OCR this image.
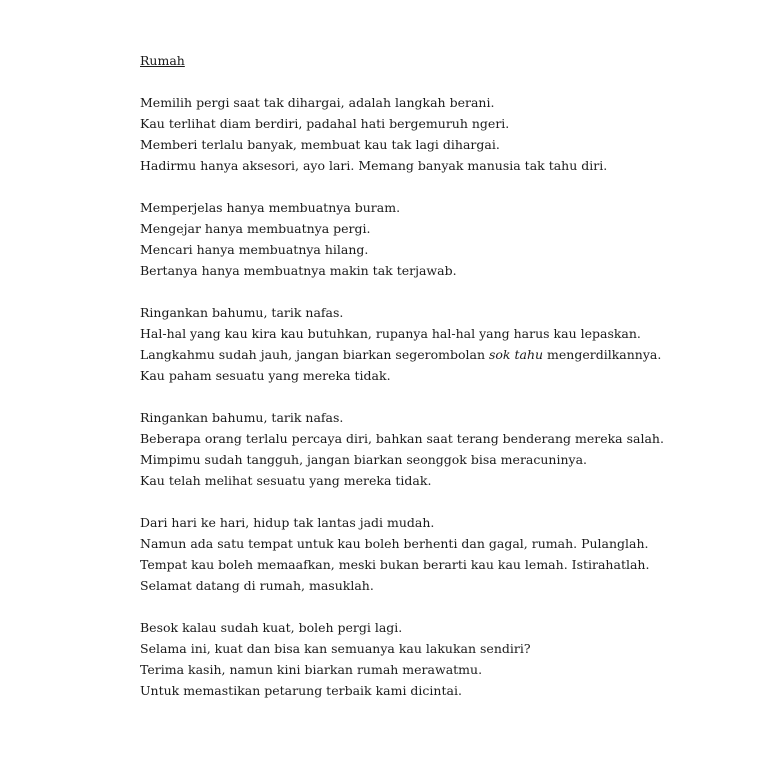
Rumah
Memilih pergi saat tak dihargai, adalah langkah berani.
Kau terlihat diam berdiri, padahal hati bergemuruh ngeri.
Memberi terlalu banyak, membuat kau tak lagi dihargai.
Hadirmu hanya aksesori, ayo lari. Memang banyak manusia tak tahu diri.
Memperjelas hanya membuatnya buram.
Mengejar hanya membuatnya pergi.
Mencari hanya membuatnya hilang.
Bertanya hanya membuatnya makin tak terjawab.
Ringankan bahumu, tarik nafas.
Hal-hal yang kau kira kau butuhkan, rupanya hal-hal yang harus kau lepaskan.
Langkahmu sudah jauh, jangan biarkan segerombolan sok tahu mengerdilkannya.
Kau paham sesuatu yang mereka tidak.
Ringankan bahumu, tarik nafas.
Beberapa orang terlalu percaya diri, bahkan saat terang benderang mereka salah.
Mimpimu sudah tangguh, jangan biarkan seonggok bisa meracuninya.
Kau telah melihat sesuatu yang mereka tidak.
Dari hari ke hari, hidup tak lantas jadi mudah.
Namun ada satu tempat untuk kau boleh berhenti dan gagal, rumah. Pulanglah.
Tempat kau boleh memaafkan, meski bukan berarti kau kau lemah. Istirahatlah.
Selamat datang di rumah, masuklah.
Besok kalau sudah kuat, boleh pergi lagi.
Selama ini, kuat dan bisa kan semuanya kau lakukan sendiri?
Terima kasih, namun kini biarkan rumah merawatmu.
Untuk memastikan petarung terbaik kami dicintai.
